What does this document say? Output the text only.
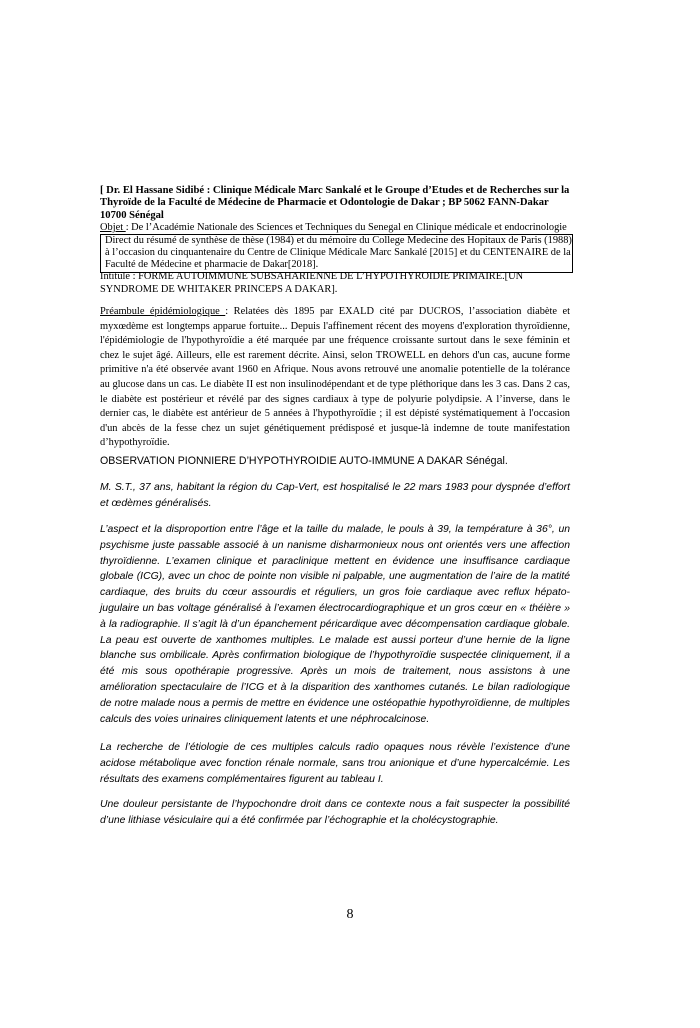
[ Dr. El Hassane Sidibé : Clinique Médicale Marc Sankalé et le Groupe d’Etudes et de Recherches sur la Thyroïde de la Faculté de Médecine de Pharmacie et Odontologie de Dakar ; BP 5062 FANN-Dakar 10700 Sénégal
Objet : De l’Académie Nationale des Sciences et Techniques du Senegal en Clinique médicale et endocrinologie
Direct du résumé de synthèse de thèse (1984) et du mémoire du College Medecine des Hopitaux de Paris (1988) à l’occasion du cinquantenaire du Centre de Clinique Médicale Marc Sankalé [2015] et du CENTENAIRE de la Faculté de Médecine et pharmacie de Dakar[2018].
Intitule : FORME AUTOIMMUNE SUBSAHARIENNE DE L’HYPOTHYROIDIE PRIMAIRE.[UN SYNDROME DE WHITAKER PRINCEPS A DAKAR].
Préambule épidémiologique : Relatées dès 1895 par EXALD cité par DUCROS, l’association diabète et myxœdème est longtemps apparue fortuite... Depuis l'affinement récent des moyens d'exploration thyroïdienne, l'épidémiologie de l'hypothyroïdie a été marquée par une fréquence croissante surtout dans le sexe féminin et chez le sujet âgé. Ailleurs, elle est rarement décrite. Ainsi, selon TROWELL en dehors d'un cas, aucune forme primitive n'a été observée avant 1960 en Afrique. Nous avons retrouvé une anomalie potentielle de la tolérance au glucose dans un cas. Le diabète II est non insulinodépendant et de type pléthorique dans les 3 cas. Dans 2 cas, le diabète est postérieur et révélé par des signes cardiaux à type de polyurie polydipsie. A l’inverse, dans le dernier cas, le diabète est antérieur de 5 années à l'hypothyroïdie ; il est dépisté systématiquement à l'occasion d'un abcès de la fesse chez un sujet génétiquement prédisposé et jusque-là indemne de toute manifestation d’hypothyroïdie.
OBSERVATION PIONNIERE D’HYPOTHYROIDIE AUTO-IMMUNE A DAKAR Sénégal.
M. S.T., 37 ans, habitant la région du Cap-Vert, est hospitalisé le 22 mars 1983 pour dyspnée d’effort et œdèmes généralisés.
L’aspect et la disproportion entre l’âge et la taille du malade, le pouls à 39, la température à 36°, un psychisme juste passable associé à un nanisme disharmonieux nous ont orientés vers une affection thyroïdienne. L’examen clinique et paraclinique mettent en évidence une insuffisance cardiaque globale (ICG), avec un choc de pointe non visible ni palpable, une augmentation de l’aire de la matité cardiaque, des bruits du cœur assourdis et réguliers, un gros foie cardiaque avec reflux hépato-jugulaire un bas voltage généralisé à l’examen électrocardiographique et un gros cœur en « théière » à la radiographie. Il s’agit là d’un épanchement péricardique avec décompensation cardiaque globale. La peau est ouverte de xanthomes multiples. Le malade est aussi porteur d’une hernie de la ligne blanche sus ombilicale. Après confirmation biologique de l’hypothyroïdie suspectée cliniquement, il a été mis sous opothérapie progressive. Après un mois de traitement, nous assistons à une amélioration spectaculaire de l’ICG et à la disparition des xanthomes cutanés. Le bilan radiologique de notre malade nous a permis de mettre en évidence une ostéopathie hypothyroïdienne, de multiples calculs des voies urinaires cliniquement latents et une néphrocalcinose.
La recherche de l’étiologie de ces multiples calculs radio opaques nous révèle l’existence d’une acidose métabolique avec fonction rénale normale, sans trou anionique et d’une hypercalcémie. Les résultats des examens complémentaires figurent au tableau I.
Une douleur persistante de l’hypochondre droit dans ce contexte nous a fait suspecter la possibilité d’une lithiase vésiculaire qui a été confirmée par l’échographie et la cholécystographie.
8
